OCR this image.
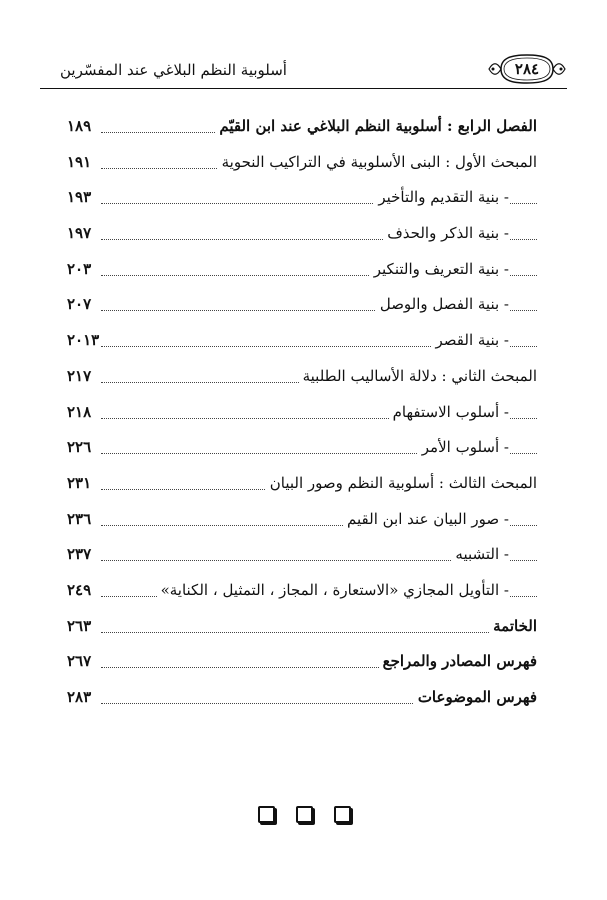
أسلوبية النظم البلاغي عند المفسّرين	٢٨٤
الفصل الرابع : أسلوبية النظم البلاغي عند ابن القيّم
١٨٩
المبحث الأول : البنى الأسلوبية في التراكيب النحوية
١٩١
- بنية التقديم والتأخير
١٩٣
- بنية الذكر والحذف
١٩٧
- بنية التعريف والتنكير
٢٠٣
- بنية الفصل والوصل
٢٠٧
- بنية القصر
٢٠١٣
المبحث الثاني : دلالة الأساليب الطلبية
٢١٧
- أسلوب الاستفهام
٢١٨
- أسلوب الأمر
٢٢٦
المبحث الثالث : أسلوبية النظم وصور البيان
٢٣١
- صور البيان عند ابن القيم
٢٣٦
- التشبيه
٢٣٧
- التأويل المجازي «الاستعارة ، المجاز ، التمثيل ، الكناية»
٢٤٩
الخاتمة
٢٦٣
فهرس المصادر والمراجع
٢٦٧
فهرس الموضوعات
٢٨٣
